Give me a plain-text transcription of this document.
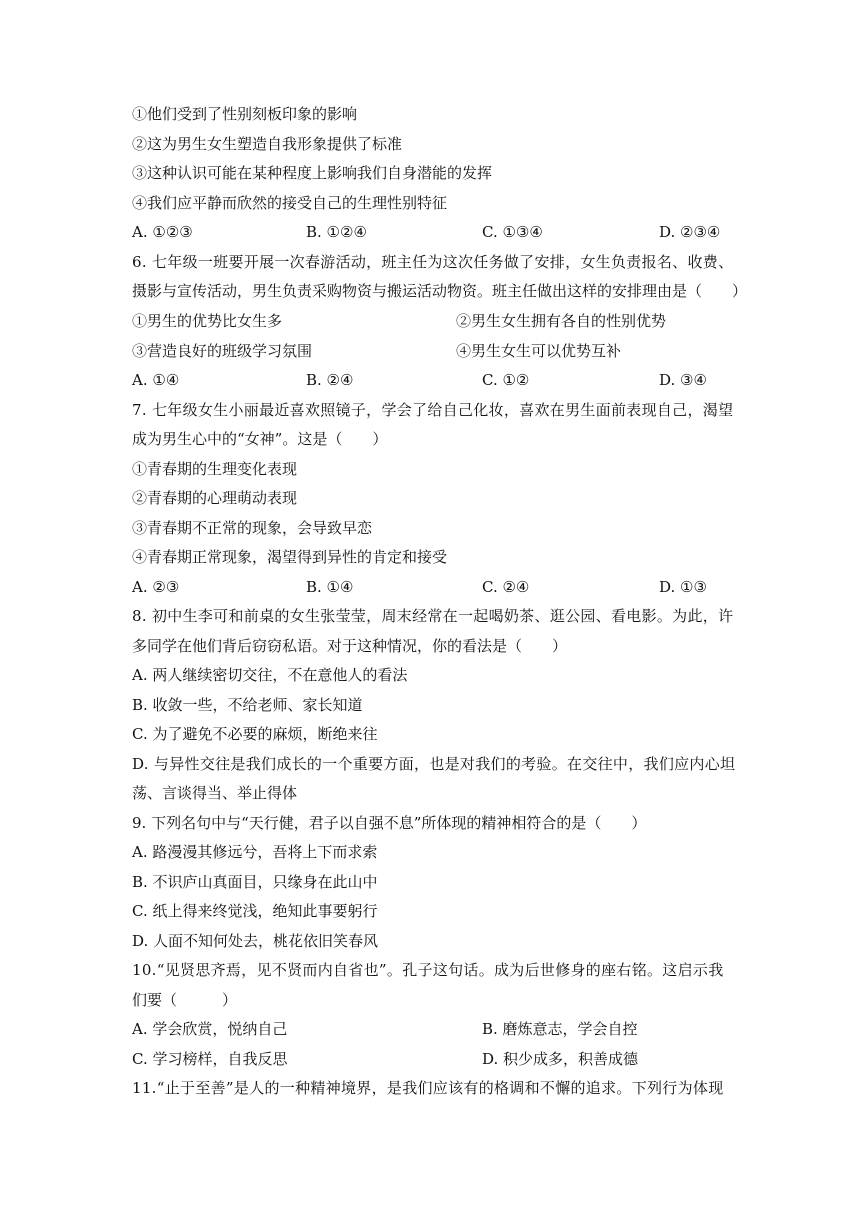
①他们受到了性别刻板印象的影响
②这为男生女生塑造自我形象提供了标准
③这种认识可能在某种程度上影响我们自身潜能的发挥
④我们应平静而欣然的接受自己的生理性别特征
A. ①②③	B. ①②④	C. ①③④	D. ②③④
6. 七年级一班要开展一次春游活动，班主任为这次任务做了安排，女生负责报名、收费、
摄影与宣传活动，男生负责采购物资与搬运活动物资。班主任做出这样的安排理由是（　　）
①男生的优势比女生多	②男生女生拥有各自的性别优势
③营造良好的班级学习氛围	④男生女生可以优势互补
A. ①④	B. ②④	C. ①②	D. ③④
7. 七年级女生小丽最近喜欢照镜子，学会了给自己化妆，喜欢在男生面前表现自己，渴望
成为男生心中的“女神”。这是（　　）
①青春期的生理变化表现
②青春期的心理萌动表现
③青春期不正常的现象，会导致早恋
④青春期正常现象，渴望得到异性的肯定和接受
A. ②③	B. ①④	C. ②④	D. ①③
8. 初中生李可和前桌的女生张莹莹，周末经常在一起喝奶茶、逛公园、看电影。为此，许
多同学在他们背后窃窃私语。对于这种情况，你的看法是（　　）
A. 两人继续密切交往，不在意他人的看法
B. 收敛一些，不给老师、家长知道
C. 为了避免不必要的麻烦，断绝来往
D. 与异性交往是我们成长的一个重要方面，也是对我们的考验。在交往中，我们应内心坦
荡、言谈得当、举止得体
9. 下列名句中与“天行健，君子以自强不息”所体现的精神相符合的是（　　）
A. 路漫漫其修远兮，吾将上下而求索
B. 不识庐山真面目，只缘身在此山中
C. 纸上得来终觉浅，绝知此事要躬行
D. 人面不知何处去，桃花依旧笑春风
10.“见贤思齐焉，见不贤而内自省也”。孔子这句话。成为后世修身的座右铭。这启示我
们要（　　　）
A. 学会欣赏，悦纳自己	B. 磨炼意志，学会自控
C. 学习榜样，自我反思	D. 积少成多，积善成德
11.“止于至善”是人的一种精神境界，是我们应该有的格调和不懈的追求。下列行为体现
